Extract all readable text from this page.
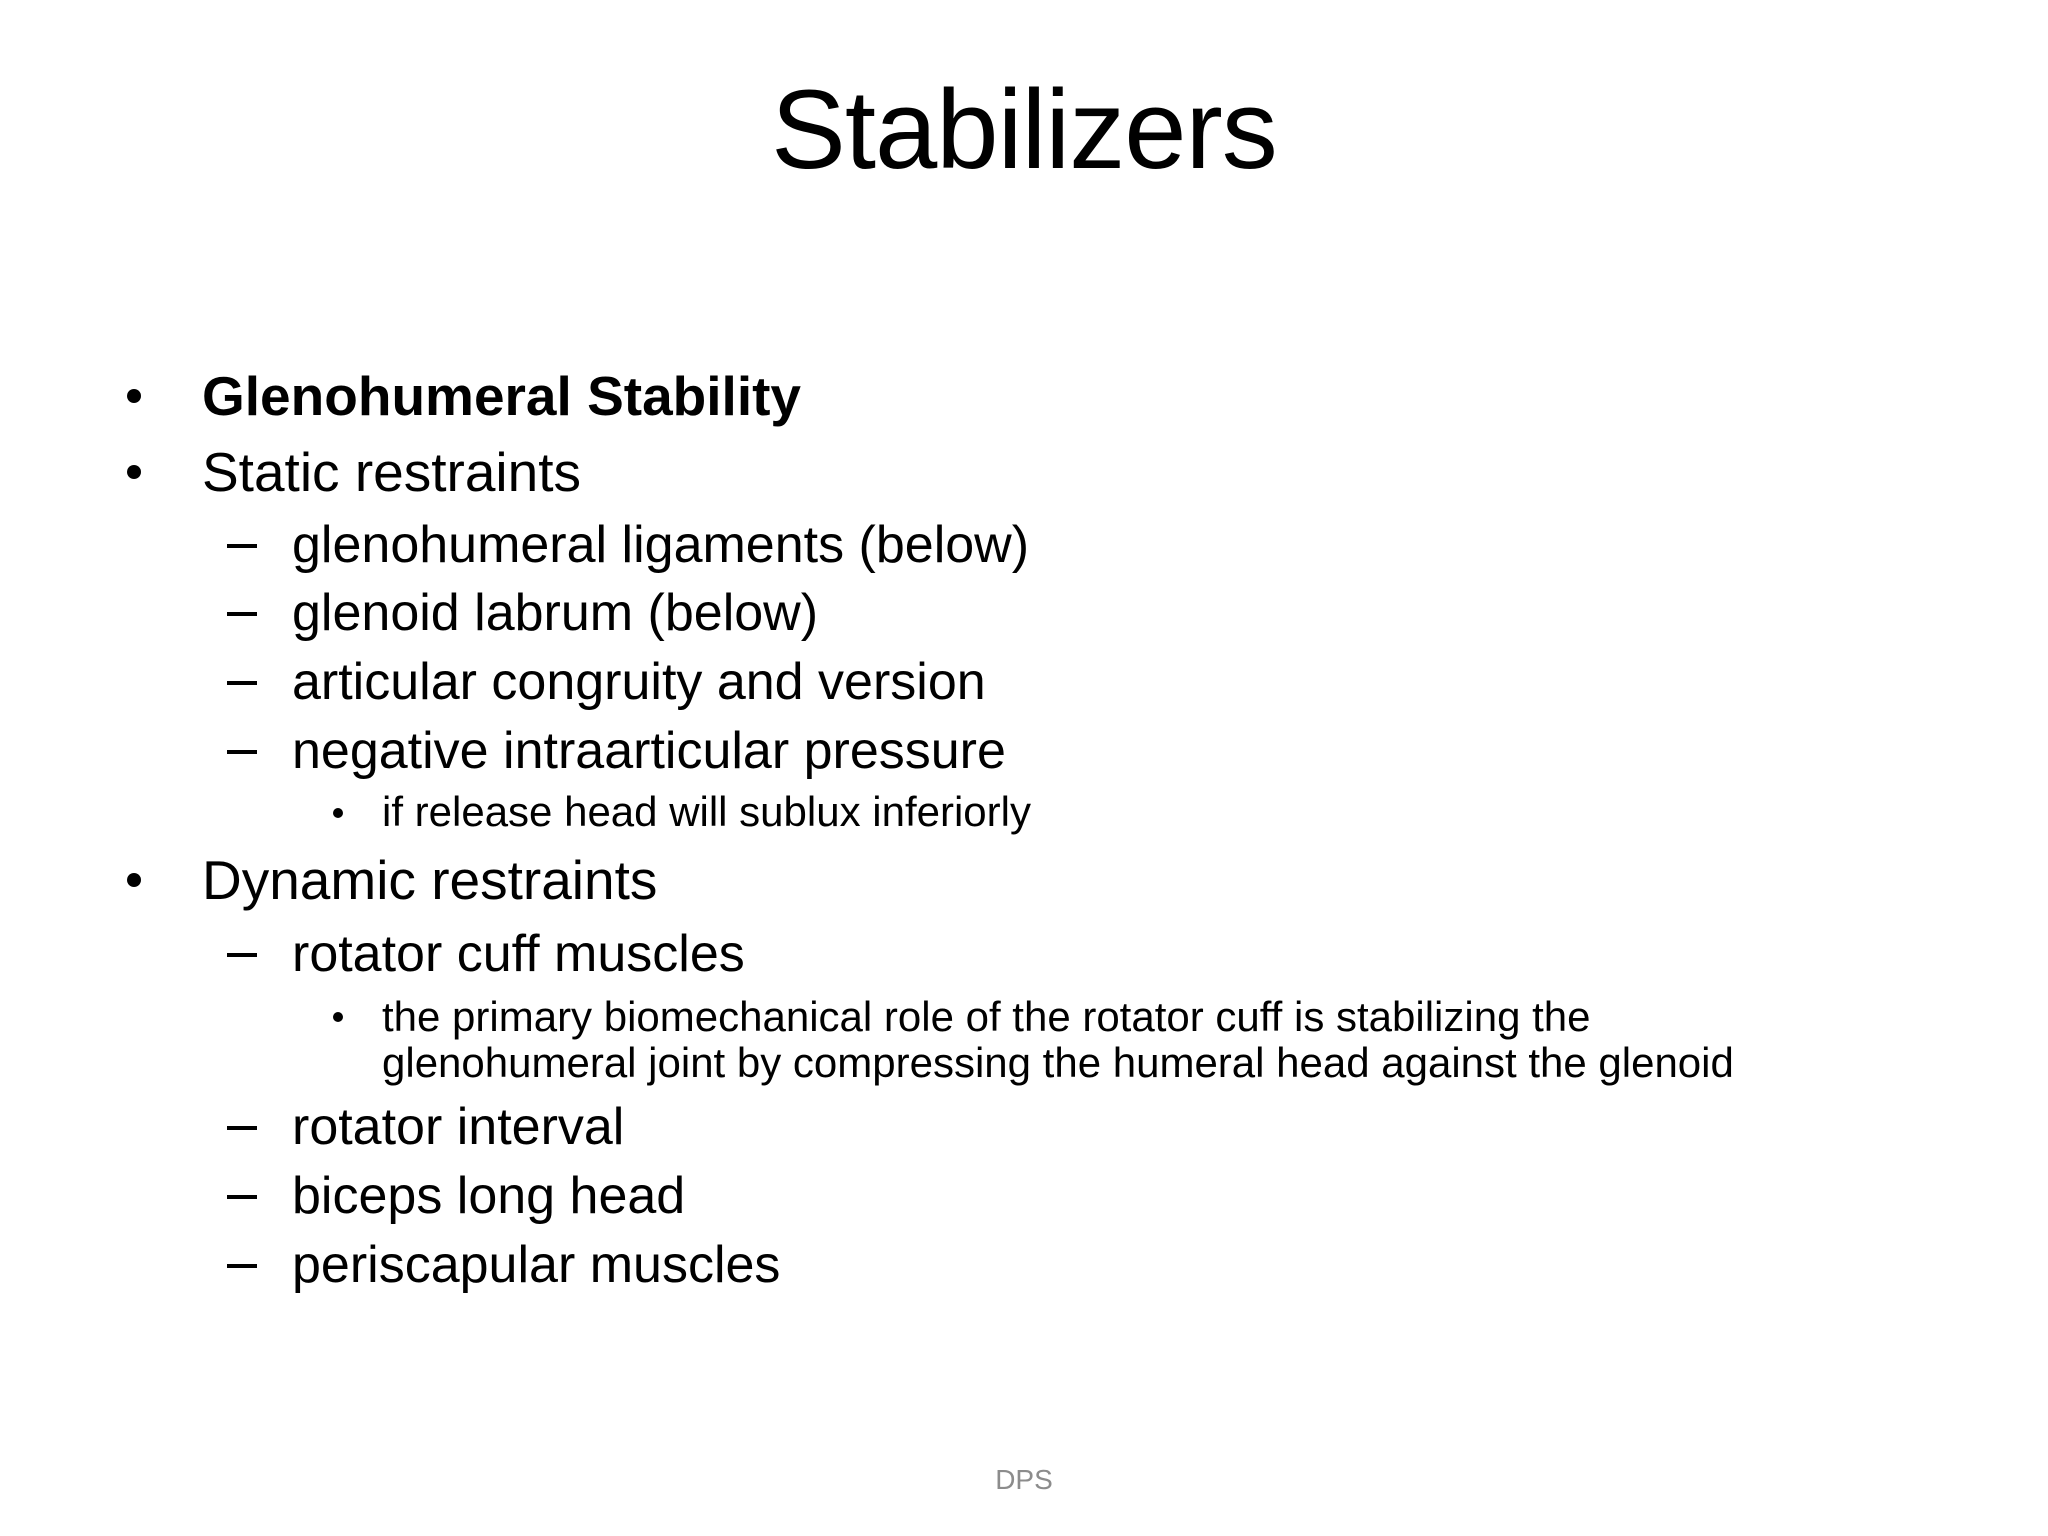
Stabilizers
Glenohumeral Stability
Static restraints
glenohumeral ligaments (below)
glenoid labrum (below)
articular congruity and version
negative intraarticular pressure
if release head will sublux inferiorly
Dynamic restraints
rotator cuff muscles
the primary biomechanical role of the rotator cuff is stabilizing the
glenohumeral joint by compressing the humeral head against the glenoid
rotator interval
biceps long head
periscapular muscles
DPS
